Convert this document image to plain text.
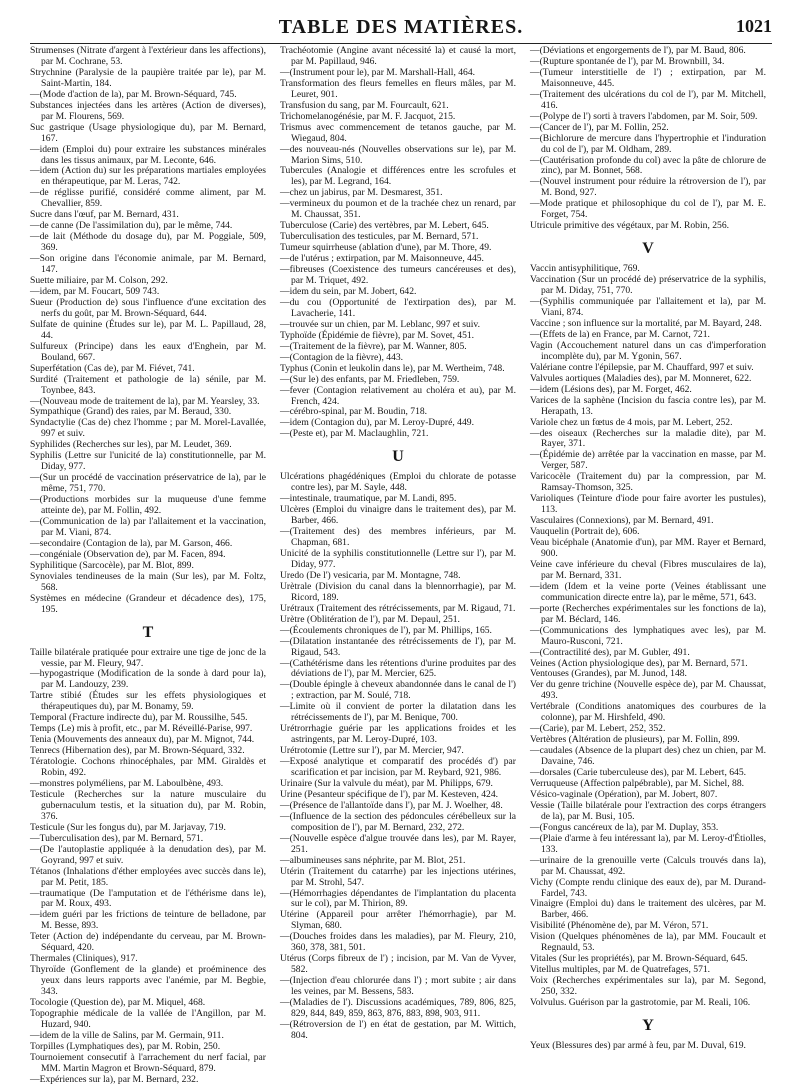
TABLE DES MATIÈRES.	1021

Strumenses (Nitrate d'argent à l'extérieur dans les affections), par M. Cochrane, 53.

Strychnine (Paralysie de la paupière traitée par le), par M. Saint-Martin, 184.

—(Mode d'action de la), par M. Brown-Séquard, 745.

Substances injectées dans les artères (Action de diverses), par M. Flourens, 569.

Suc gastrique (Usage physiologique du), par M. Bernard, 167.

—idem (Emploi du) pour extraire les substances minérales dans les tissus animaux, par M. Leconte, 646.

—idem (Action du) sur les préparations martiales employées en thérapeutique, par M. Leras, 742.

—de réglisse purifié, considéré comme aliment, par M. Chevallier, 859.

Sucre dans l'œuf, par M. Bernard, 431.

—de canne (De l'assimilation du), par le même, 744.

—de lait (Méthode du dosage du), par M. Poggiale, 509, 369.

—Son origine dans l'économie animale, par M. Bernard, 147.

Suette miliaire, par M. Colson, 292.

—idem, par M. Foucart, 509 743.

Sueur (Production de) sous l'influence d'une excitation des nerfs du goût, par M. Brown-Séquard, 644.

Sulfate de quinine (Études sur le), par M. L. Papillaud, 28, 44.

Sulfureux (Principe) dans les eaux d'Enghein, par M. Bouland, 667.

Superfétation (Cas de), par M. Fiévet, 741.

Surdité (Traitement et pathologie de la) sénile, par M. Toynbee, 843.

—(Nouveau mode de traitement de la), par M. Yearsley, 33.

Sympathique (Grand) des raies, par M. Beraud, 330.

Syndactylie (Cas de) chez l'homme ; par M. Morel-Lavallée, 997 et suiv.

Syphilides (Recherches sur les), par M. Leudet, 369.

Syphilis (Lettre sur l'unicité de la) constitutionnelle, par M. Diday, 977.

—(Sur un procédé de vaccination préservatrice de la), par le même, 751, 770.

—(Productions morbides sur la muqueuse d'une femme atteinte de), par M. Follin, 492.

—(Communication de la) par l'allaitement et la vaccination, par M. Viani, 874.

—secondaire (Contagion de la), par M. Garson, 466.

—congéniale (Observation de), par M. Facen, 894.

Syphilitique (Sarcocèle), par M. Blot, 899.

Synoviales tendineuses de la main (Sur les), par M. Foltz, 568.

Systèmes en médecine (Grandeur et décadence des), 175, 195.

T

Taille bilatérale pratiquée pour extraire une tige de jonc de la vessie, par M. Fleury, 947.

—hypogastrique (Modification de la sonde à dard pour la), par M. Landouzy, 239.

Tartre stibié (Études sur les effets physiologiques et thérapeutiques du), par M. Bonamy, 59.

Temporal (Fracture indirecte du), par M. Roussilhe, 545.

Temps (Le) mis à profit, etc., par M. Réveillé-Parise, 997.

Tenia (Mouvements des anneaux du), par M. Mignot, 744.

Tenrecs (Hibernation des), par M. Brown-Séquard, 332.

Tératologie. Cochons rhinocéphales, par MM. Giraldès et Robin, 492.

—monstres polyméliens, par M. Laboulbène, 493.

Testicule (Recherches sur la nature musculaire du gubernaculum testis, et la situation du), par M. Robin, 376.

Testicule (Sur les fongus du), par M. Jarjavay, 719.

—Tuberculisation des), par M. Bernard, 571.

—(De l'autoplastie appliquée à la denudation des), par M. Goyrand, 997 et suiv.

Tétanos (Inhalations d'éther employées avec succès dans le), par M. Petit, 185.

—traumatique (De l'amputation et de l'éthérisme dans le), par M. Roux, 493.

—idem guéri par les frictions de teinture de belladone, par M. Besse, 893.

Teter (Action de) indépendante du cerveau, par M. Brown-Séquard, 420.

Thermales (Cliniques), 917.

Thyroïde (Gonflement de la glande) et proéminence des yeux dans leurs rapports avec l'anémie, par M. Begbie, 343.

Tocologie (Question de), par M. Miquel, 468.

Topographie médicale de la vallée de l'Angillon, par M. Huzard, 940.

—idem de la ville de Salins, par M. Germain, 911.

Torpilles (Lymphatiques des), par M. Robin, 250.

Tournoiement consecutif à l'arrachement du nerf facial, par MM. Martin Magron et Brown-Séquard, 879.

—Expériences sur la), par M. Bernard, 232.

Trachéotomie (Angine avant nécessité la) et causé la mort, par M. Papillaud, 946.

—(Instrument pour le), par M. Marshall-Hall, 464.

Transformation des fleurs femelles en fleurs mâles, par M. Leuret, 901.

Transfusion du sang, par M. Fourcault, 621.

Trichomelanogénésie, par M. F. Jacquot, 215.

Trismus avec commencement de tetanos gauche, par M. Wiegaud, 804.

—des nouveau-nés (Nouvelles observations sur le), par M. Marion Sims, 510.

Tubercules (Analogie et différences entre les scrofules et les), par M. Legrand, 164.

—chez un jabirus, par M. Desmarest, 351.

—vermineux du poumon et de la trachée chez un renard, par M. Chaussat, 351.

Tuberculose (Carie) des vertèbres, par M. Lebert, 645.

Tuberculisation des testicules, par M. Bernard, 571.

Tumeur squirrheuse (ablation d'une), par M. Thore, 49.

—de l'utérus ; extirpation, par M. Maisonneuve, 445.

—fibreuses (Coexistence des tumeurs cancéreuses et des), par M. Triquet, 492.

—idem du sein, par M. Jobert, 642.

—du cou (Opportunité de l'extirpation des), par M. Lavacherie, 141.

—trouvée sur un chien, par M. Leblanc, 997 et suiv.

Typhoïde (Épidémie de fièvre), par M. Sovet, 451.

—(Traitement de la fièvre), par M. Wanner, 805.

—(Contagion de la fièvre), 443.

Typhus (Conin et leukolin dans le), par M. Wertheim, 748.

—(Sur le) des enfants, par M. Friedleben, 759.

—fever (Contagion relativement au choléra et au), par M. French, 424.

—cérébro-spinal, par M. Boudin, 718.

—idem (Contagion du), par M. Leroy-Dupré, 449.

—(Peste et), par M. Maclaughlin, 721.

U

Ulcérations phagédéniques (Emploi du chlorate de potasse contre les), par M. Sayle, 448.

—intestinale, traumatique, par M. Landi, 895.

Ulcères (Emploi du vinaigre dans le traitement des), par M. Barber, 466.

—(Traitement des) des membres inférieurs, par M. Chapman, 681.

Unicité de la syphilis constitutionnelle (Lettre sur l'), par M. Diday, 977.

Uredo (De l') vesicaria, par M. Montagne, 748.

Urètrale (Division du canal dans la blennorrhagie), par M. Ricord, 189.

Urétraux (Traitement des rétrécissements, par M. Rigaud, 71.

Urètre (Oblitération de l'), par M. Depaul, 251.

—(Écoulements chroniques de l'), par M. Phillips, 165.

—(Dilatation instantanée des rétrécissements de l'), par M. Rigaud, 543.

—(Cathétérisme dans les rétentions d'urine produites par des déviations de l'), par M. Mercier, 625.

—(Double épingle à cheveux abandonnée dans le canal de l') ; extraction, par M. Soulé, 718.

—Limite où il convient de porter la dilatation dans les rétrécissements de l'), par M. Benique, 700.

Urétrorrhagie guérie par les applications froides et les astringents, par M. Leroy-Dupré, 103.

Urétrotomie (Lettre sur l'), par M. Mercier, 947.

—Exposé analytique et comparatif des procédés d') par scarification et par incision, par M. Reybard, 921, 986.

Urinaire (Sur la valvule du méat), par M. Philipps, 679.

Urine (Pesanteur spécifique de l'), par M. Kesteven, 424.

—(Présence de l'allantoïde dans l'), par M. J. Woelher, 48.

—(Influence de la section des pédoncules cérébelleux sur la composition de l'), par M. Bernard, 232, 272.

—(Nouvelle espèce d'algue trouvée dans les), par M. Rayer, 251.

—albumineuses sans néphrite, par M. Blot, 251.

Utérin (Traitement du catarrhe) par les injections utérines, par M. Strohl, 547.

—(Hémorrhagies dépendantes de l'implantation du placenta sur le col), par M. Thirion, 89.

Utérine (Appareil pour arrêter l'hémorrhagie), par M. Slyman, 680.

—(Douches froides dans les maladies), par M. Fleury, 210, 360, 378, 381, 501.

Utérus (Corps fibreux de l') ; incision, par M. Van de Vyver, 582.

—(Injection d'eau chlorurée dans l') ; mort subite ; air dans les veines, par M. Bessens, 583.

—(Maladies de l'). Discussions académiques, 789, 806, 825, 829, 844, 849, 859, 863, 876, 883, 898, 903, 911.

—(Rétroversion de l') en état de gestation, par M. Wittich, 804.

—(Déviations et engorgements de l'), par M. Baud, 806.

—(Rupture spontanée de l'), par M. Brownbill, 34.

—(Tumeur interstitielle de l') ; extirpation, par M. Maisonneuve, 445.

—(Traitement des ulcérations du col de l'), par M. Mitchell, 416.

—(Polype de l') sorti à travers l'abdomen, par M. Soir, 509.

—(Cancer de l'), par M. Follin, 252.

—(Bichlorure de mercure dans l'hypertrophie et l'induration du col de l'), par M. Oldham, 289.

—(Cautérisation profonde du col) avec la pâte de chlorure de zinc), par M. Bonnet, 568.

—(Nouvel instrument pour réduire la rétroversion de l'), par M. Bond, 927.

—Mode pratique et philosophique du col de l'), par M. E. Forget, 754.

Utricule primitive des végétaux, par M. Robin, 256.

V

Vaccin antisyphilitique, 769.

Vaccination (Sur un procédé de) préservatrice de la syphilis, par M. Diday, 751, 770.

—(Syphilis communiquée par l'allaitement et la), par M. Viani, 874.

Vaccine ; son influence sur la mortalité, par M. Bayard, 248.

—(Effets de la) en France, par M. Carnot, 721.

Vagin (Accouchement naturel dans un cas d'imperforation incomplète du), par M. Ygonin, 567.

Valériane contre l'épilepsie, par M. Chauffard, 997 et suiv.

Valvules aortiques (Maladies des), par M. Monneret, 622.

—idem (Lésions des), par M. Forget, 462.

Varices de la saphène (Incision du fascia contre les), par M. Herapath, 13.

Variole chez un fœtus de 4 mois, par M. Lebert, 252.

—des oiseaux (Recherches sur la maladie dite), par M. Rayer, 371.

—(Épidémie de) arrêtée par la vaccination en masse, par M. Verger, 587.

Varicocèle (Traitement du) par la compression, par M. Ramsay-Thomson, 325.

Varioliques (Teinture d'iode pour faire avorter les pustules), 113.

Vasculaires (Connexions), par M. Bernard, 491.

Vauquelin (Portrait de), 606.

Veau bicéphale (Anatomie d'un), par MM. Rayer et Bernard, 900.

Veine cave inférieure du cheval (Fibres musculaires de la), par M. Bernard, 331.

—idem (Idem et la veine porte (Veines établissant une communication directe entre la), par le même, 571, 643.

—porte (Recherches expérimentales sur les fonctions de la), par M. Béclard, 146.

—(Communications des lymphatiques avec les), par M. Mauro-Rusconi, 721.

—(Contractilité des), par M. Gubler, 491.

Veines (Action physiologique des), par M. Bernard, 571.

Ventouses (Grandes), par M. Junod, 148.

Ver du genre trichine (Nouvelle espèce de), par M. Chaussat, 493.

Vertébrale (Conditions anatomiques des courbures de la colonne), par M. Hirshfeld, 490.

—(Carie), par M. Lebert, 252, 352.

Vertèbres (Altération de plusieurs), par M. Follin, 899.

—caudales (Absence de la plupart des) chez un chien, par M. Davaine, 746.

—dorsales (Carie tuberculeuse des), par M. Lebert, 645.

Verruqueuse (Affection palpébrable), par M. Sichel, 88.

Vésico-vaginale (Opération), par M. Jobert, 807.

Vessie (Taille bilatérale pour l'extraction des corps étrangers de la), par M. Busi, 105.

—(Fongus cancéreux de la), par M. Duplay, 353.

—(Plaie d'arme à feu intéressant la), par M. Leroy-d'Étiolles, 133.

—urinaire de la grenouille verte (Calculs trouvés dans la), par M. Chaussat, 492.

Vichy (Compte rendu clinique des eaux de), par M. Durand-Fardel, 743.

Vinaigre (Emploi du) dans le traitement des ulcères, par M. Barber, 466.

Visibilité (Phénomène de), par M. Véron, 571.

Vision (Quelques phénomènes de la), par MM. Foucault et Regnauld, 53.

Vitales (Sur les propriétés), par M. Brown-Séquard, 645.

Vitellus multiples, par M. de Quatrefages, 571.

Voix (Recherches expérimentales sur la), par M. Segond, 250, 332.

Volvulus. Guérison par la gastrotomie, par M. Reali, 106.

Y

Yeux (Blessures des) par armé à feu, par M. Duval, 619.
